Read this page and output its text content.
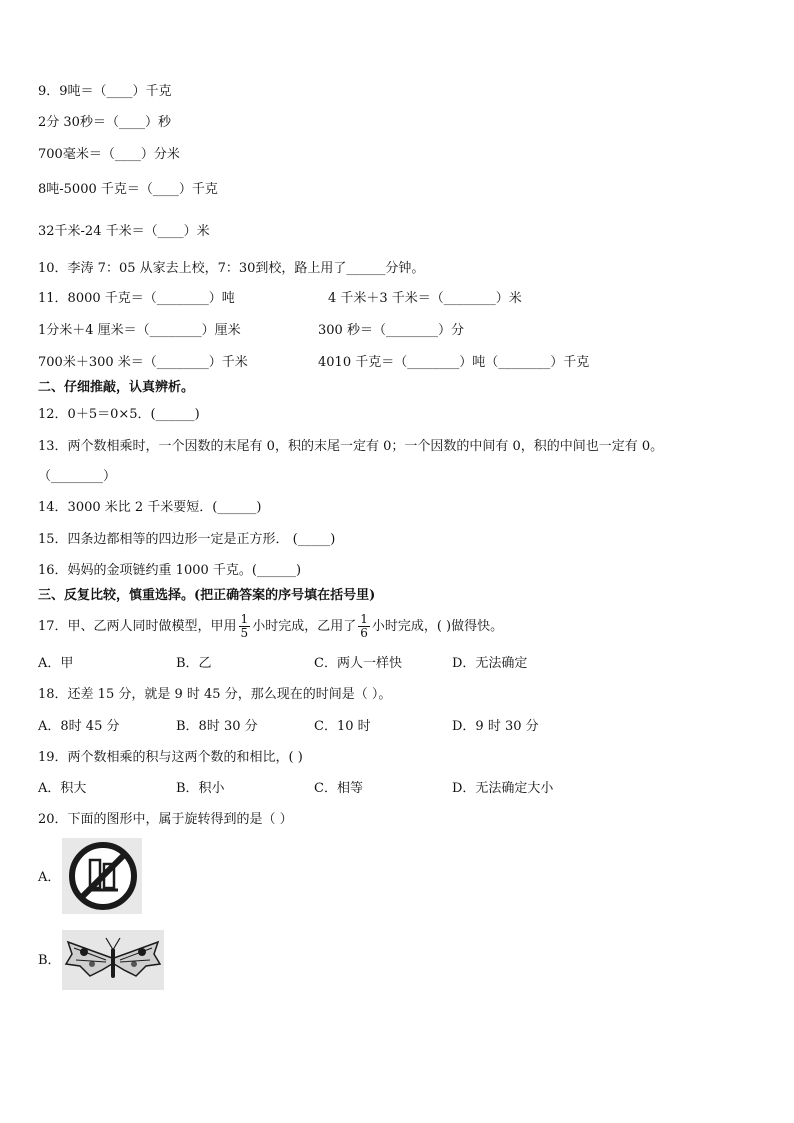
9．9吨＝（____）千克
2分 30秒＝（____）秒
700毫米＝（____）分米
8吨-5000 千克＝（____）千克
32千米-24 千米＝（____）米
10．李涛 7：05 从家去上校，7：30到校，路上用了______分钟。
11．8000 千克＝（________）吨	4 千米＋3 千米＝（________）米
1分米＋4 厘米＝（________）厘米	300 秒＝（________）分
700米＋300 米＝（________）千米	4010 千克＝（________）吨（________）千克
二、仔细推敲，认真辨析。
12．0＋5＝0×5．(______)
13．两个数相乘时，一个因数的末尾有 0，积的末尾一定有 0；一个因数的中间有 0，积的中间也一定有 0。
（________）
14．3000 米比 2 千米要短．(______)
15．四条边都相等的四边形一定是正方形． (_____)
16．妈妈的金项链约重 1000 千克。(______)
三、反复比较，慎重选择。(把正确答案的序号填在括号里)
17．甲、乙两人同时做模型，甲用 $\frac{1}{5}$ 小时完成，乙用了 $\frac{1}{6}$ 小时完成，( )做得快。
A．甲	B．乙	C．两人一样快	D．无法确定
18．还差 15 分，就是 9 时 45 分，那么现在的时间是（ ）。
A．8时 45 分	B．8时 30 分	C．10 时	D．9 时 30 分
19．两个数相乘的积与这两个数的和相比，( )
A．积大	B．积小	C．相等	D．无法确定大小
20．下面的图形中，属于旋转得到的是（ ）
A．
B．
